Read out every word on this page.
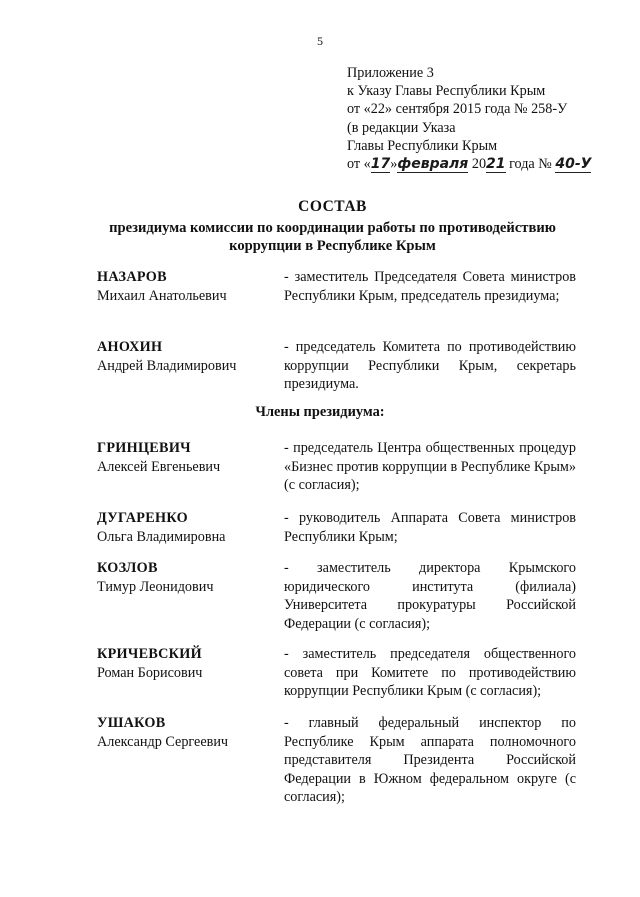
5
Приложение 3
к Указу Главы Республики Крым
от «22» сентября 2015 года № 258-У
(в редакции Указа
Главы Республики Крым
от «17»февраля 2021 года № 40-У
СОСТАВ
президиума комиссии по координации работы по противодействию коррупции в Республике Крым
НАЗАРОВ
Михаил Анатольевич
- заместитель Председателя Совета министров Республики Крым, председатель президиума;
АНОХИН
Андрей Владимирович
- председатель Комитета по противодействию коррупции Республики Крым, секретарь президиума.
Члены президиума:
ГРИНЦЕВИЧ
Алексей Евгеньевич
- председатель Центра общественных процедур «Бизнес против коррупции в Республике Крым» (с согласия);
ДУГАРЕНКО
Ольга Владимировна
- руководитель Аппарата Совета министров Республики Крым;
КОЗЛОВ
Тимур Леонидович
- заместитель директора Крымского юридического института (филиала) Университета прокуратуры Российской Федерации (с согласия);
КРИЧЕВСКИЙ
Роман Борисович
- заместитель председателя общественного совета при Комитете по противодействию коррупции Республики Крым (с согласия);
УШАКОВ
Александр Сергеевич
- главный федеральный инспектор по Республике Крым аппарата полномочного представителя Президента Российской Федерации в Южном федеральном округе (с согласия);
